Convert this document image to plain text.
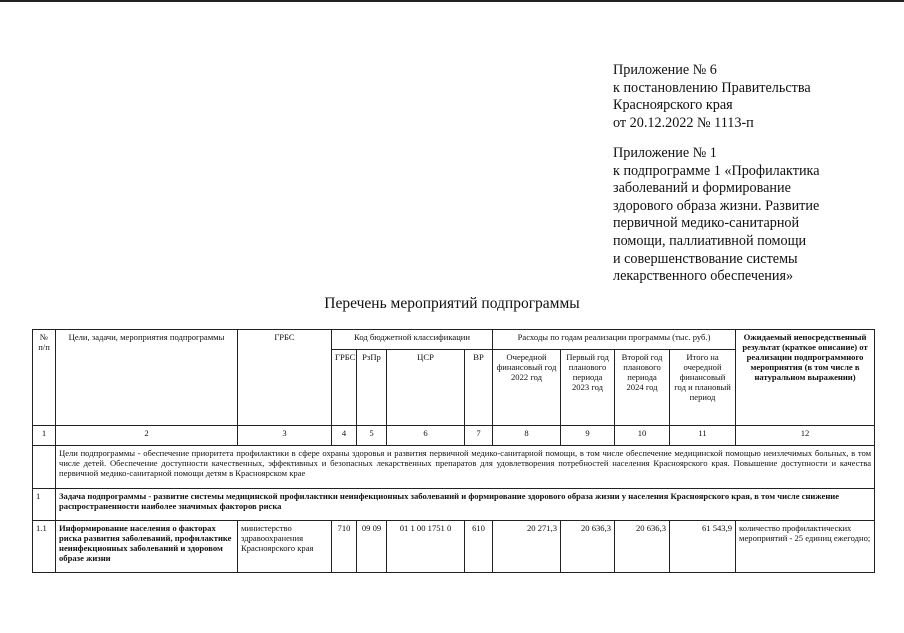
Приложение № 6
к постановлению Правительства
Красноярского края
от 20.12.2022 № 1113-п
Приложение № 1
к подпрограмме 1 «Профилактика
заболеваний и формирование
здорового образа жизни. Развитие
первичной медико-санитарной
помощи, паллиативной помощи
и совершенствование системы
лекарственного обеспечения»
Перечень мероприятий подпрограммы
№ п/п	Цели, задачи, мероприятия подпрограммы	ГРБС	Код бюджетной классификации				Расходы по годам реализации программы (тыс. руб.)				Ожидаемый непосредственный результат (краткое описание) от реализации подпрограммного мероприятия (в том числе в натуральном выражении)
			ГРБС	РзПр	ЦСР	ВР	Очередной финансовый год 2022 год	Первый год планового периода 2023 год	Второй год планового периода 2024 год	Итого на очередной финансовый год и плановый период	
1	2	3	4	5	6	7	8	9	10	11	12
	Цели подпрограммы - обеспечение приоритета профилактики в сфере охраны здоровья и развития первичной медико-санитарной помощи, в том числе обеспечение медицинской помощью неизлечимых больных, в том числе детей. Обеспечение доступности качественных, эффективных и безопасных лекарственных препаратов для удовлетворения потребностей населения Красноярского края. Повышение доступности и качества первичной медико-санитарной помощи детям в Красноярском крае										
1	Задача подпрограммы - развитие системы медицинской профилактики неинфекционных заболеваний и формирование здорового образа жизни у населения Красноярского края, в том числе снижение распространенности наиболее значимых факторов риска										
1.1	Информирование населения о факторах риска развития заболеваний, профилактике неинфекционных заболеваний и здоровом образе жизни	министерство здравоохранения Красноярского края	710	09 09	01 1 00 1751 0	610	20 271,3	20 636,3	20 636,3	61 543,9	количество профилактических мероприятий - 25 единиц ежегодно;
